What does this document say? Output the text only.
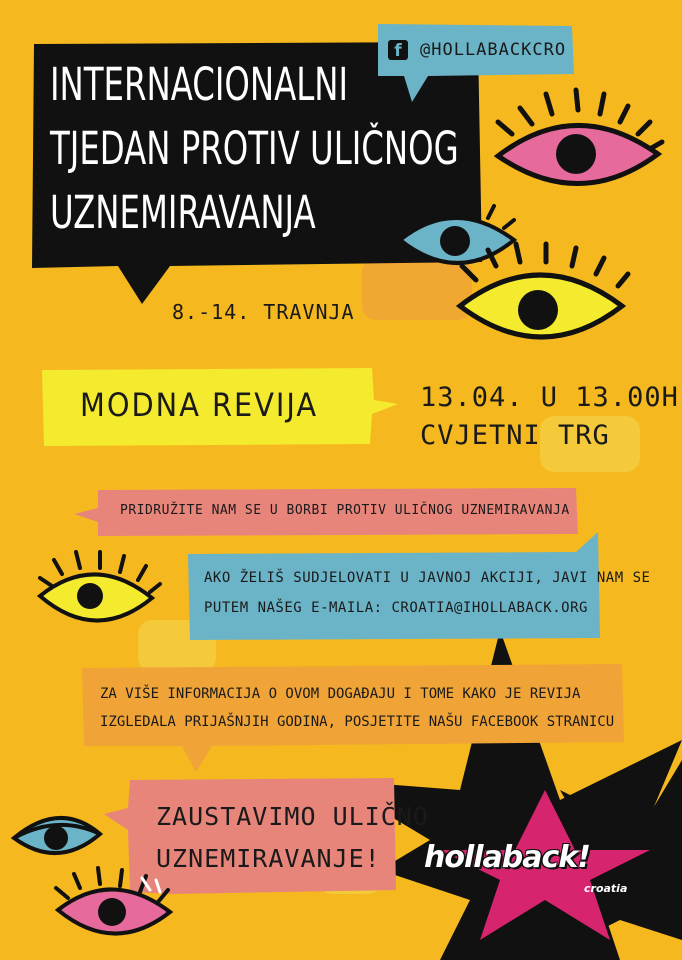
INTERNACIONALNI
TJEDAN PROTIV ULIČNOG
UZNEMIRAVANJA
f	@HOLLABACKCRO
8.-14. TRAVNJA
MODNA REVIJA	13.04. U 13.00H
CVJETNI TRG
PRIDRUŽITE NAM SE U BORBI PROTIV ULIČNOG UZNEMIRAVANJA
AKO ŽELIŠ SUDJELOVATI U JAVNOJ AKCIJI, JAVI NAM SE
PUTEM NAŠEG E-MAILA: CROATIA@IHOLLABACK.ORG
ZA VIŠE INFORMACIJA O OVOM DOGAĐAJU I TOME KAKO JE REVIJA
IZGLEDALA PRIJAŠNJIH GODINA, POSJETITE NAŠU FACEBOOK STRANICU
ZAUSTAVIMO ULIČNO
UZNEMIRAVANJE! hollaback!
croatia
